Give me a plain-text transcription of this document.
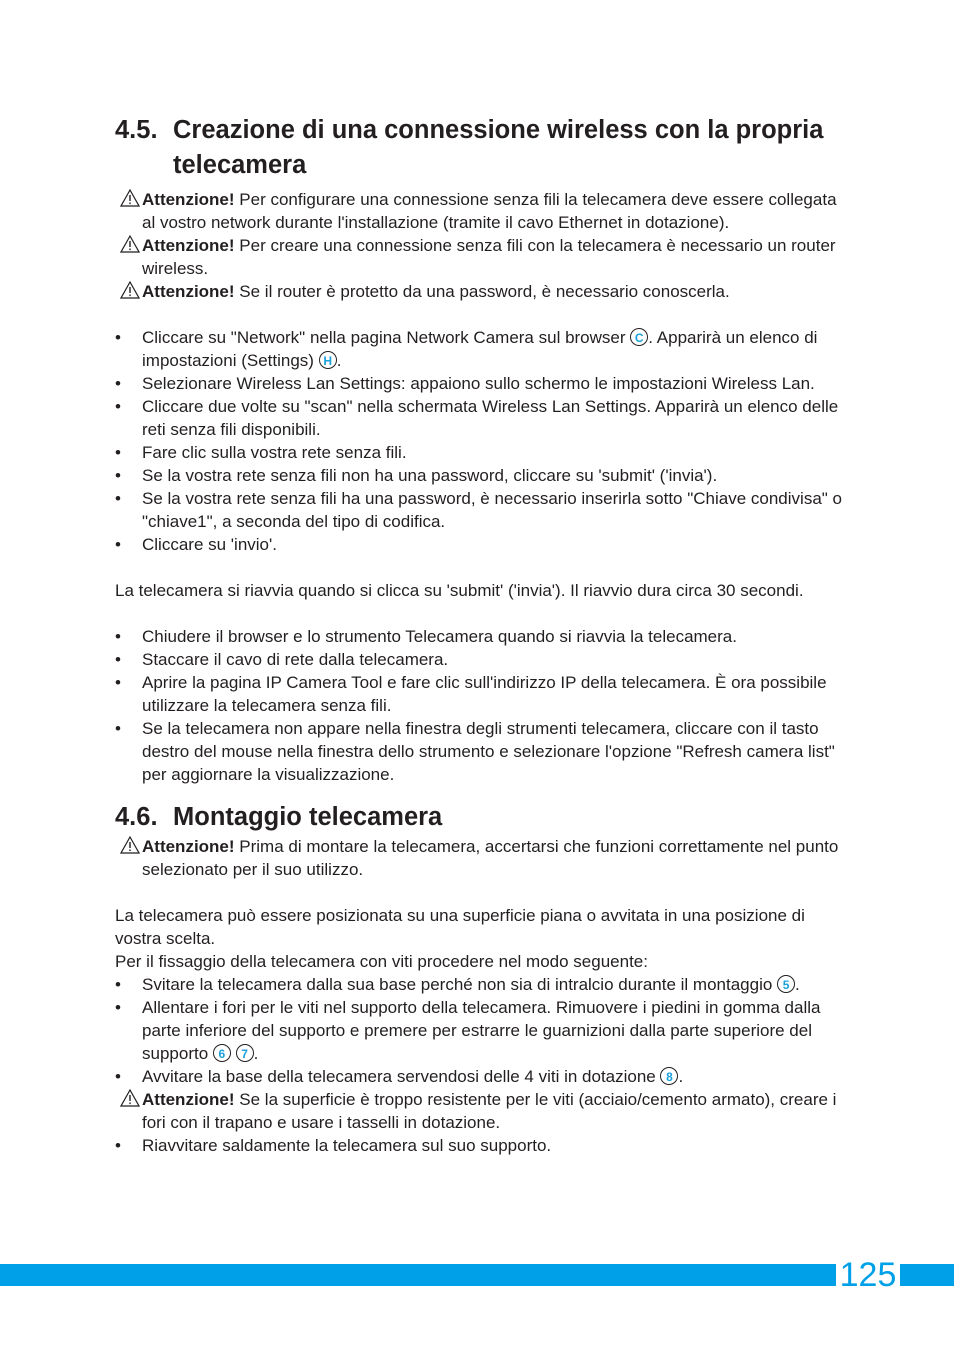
4.5. Creazione di una connessione wireless con la propria telecamera

Attenzione! Per configurare una connessione senza fili la telecamera deve essere collegata al vostro network durante l'installazione (tramite il cavo Ethernet in dotazione).

Attenzione! Per creare una connessione senza fili con la telecamera è necessario un router wireless.

Attenzione! Se il router è protetto da una password, è necessario conoscerla.

• Cliccare su "Network" nella pagina Network Camera sul browser C . Apparirà un elenco di impostazioni (Settings) H .
• Selezionare Wireless Lan Settings: appaiono sullo schermo le impostazioni Wireless Lan.
• Cliccare due volte su "scan" nella schermata Wireless Lan Settings. Apparirà un elenco delle reti senza fili disponibili.
• Fare clic sulla vostra rete senza fili.
• Se la vostra rete senza fili non ha una password, cliccare su 'submit' ('invia').
• Se la vostra rete senza fili ha una password, è necessario inserirla sotto "Chiave condivisa" o "chiave1", a seconda del tipo di codifica.
• Cliccare su 'invio'.

La telecamera si riavvia quando si clicca su 'submit' ('invia'). Il riavvio dura circa 30 secondi.

• Chiudere il browser e lo strumento Telecamera quando si riavvia la telecamera.
• Staccare il cavo di rete dalla telecamera.
• Aprire la pagina IP Camera Tool e fare clic sull'indirizzo IP della telecamera. È ora possibile utilizzare la telecamera senza fili.
• Se la telecamera non appare nella finestra degli strumenti telecamera, cliccare con il tasto destro del mouse nella finestra dello strumento e selezionare l'opzione "Refresh camera list" per aggiornare la visualizzazione.
4.6. Montaggio telecamera

Attenzione! Prima di montare la telecamera, accertarsi che funzioni correttamente nel punto selezionato per il suo utilizzo.

La telecamera può essere posizionata su una superficie piana o avvitata in una posizione di vostra scelta.

Per il fissaggio della telecamera con viti procedere nel modo seguente:

• Svitare la telecamera dalla sua base perché non sia di intralcio durante il montaggio 5 .
• Allentare i fori per le viti nel supporto della telecamera. Rimuovere i piedini in gomma dalla parte inferiore del supporto e premere per estrarre le guarnizioni dalla parte superiore del supporto 6 7 .
• Avvitare la base della telecamera servendosi delle 4 viti in dotazione 8 .

Attenzione! Se la superficie è troppo resistente per le viti (acciaio/cemento armato), creare i fori con il trapano e usare i tasselli in dotazione.

• Riavvitare saldamente la telecamera sul suo supporto.
125
